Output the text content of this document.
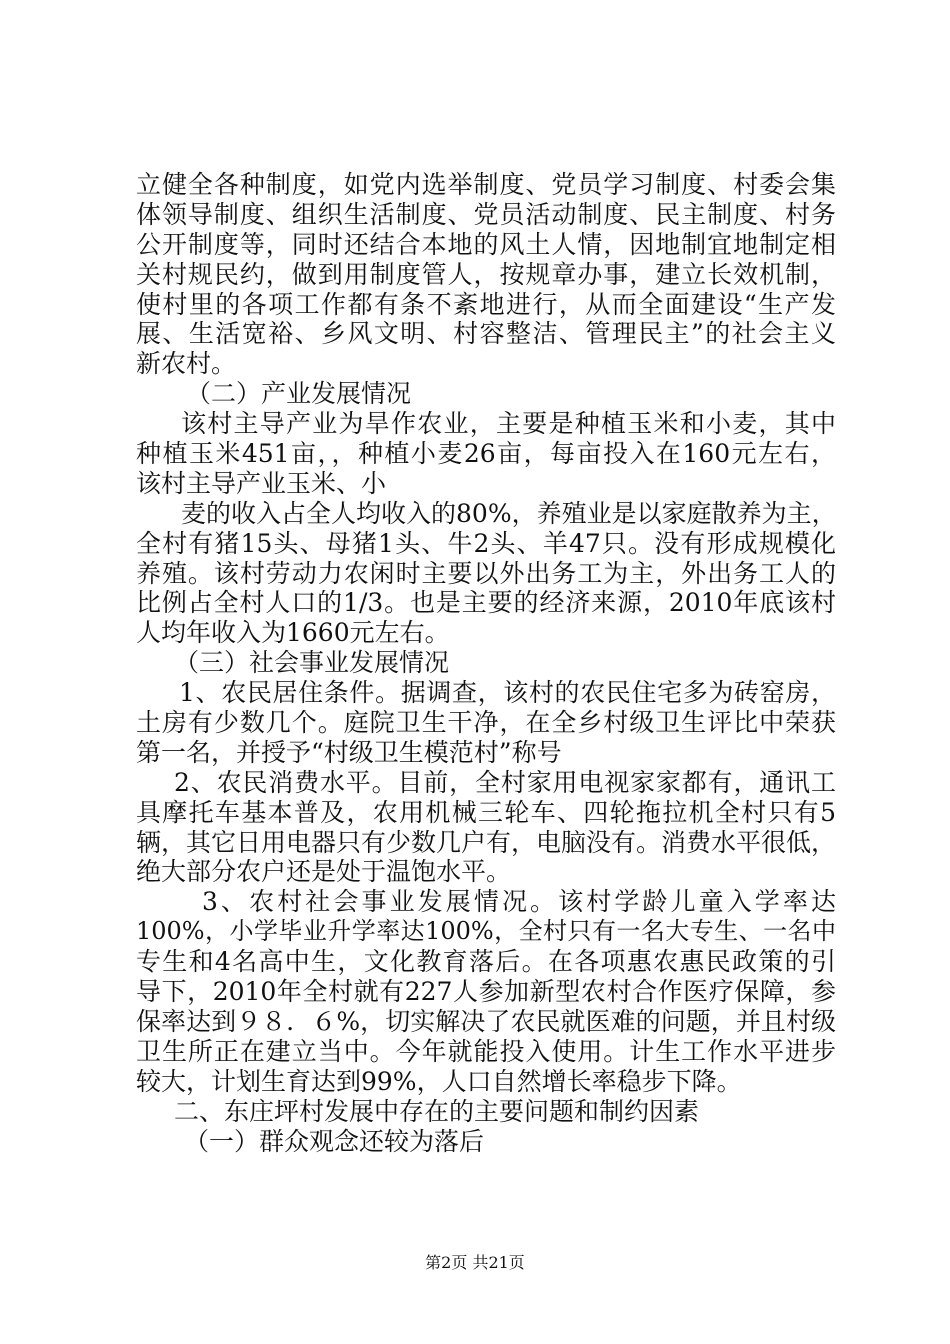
立健全各种制度，如党内选举制度、党员学习制度、村委会集
体领导制度、组织生活制度、党员活动制度、民主制度、村务
公开制度等，同时还结合本地的风土人情，因地制宜地制定相
关村规民约，做到用制度管人，按规章办事，建立长效机制，
使村里的各项工作都有条不紊地进行，从而全面建设“生产发
展、生活宽裕、乡风文明、村容整洁、管理民主”的社会主义
新农村。
（二）产业发展情况
该村主导产业为旱作农业，主要是种植玉米和小麦，其中
种植玉米451亩，，种植小麦26亩，每亩投入在160元左右，
该村主导产业玉米、小
麦的收入占全人均收入的80%，养殖业是以家庭散养为主，
全村有猪15头、母猪1头、牛2头、羊47只。没有形成规模化
养殖。该村劳动力农闲时主要以外出务工为主，外出务工人的
比例占全村人口的1/3。也是主要的经济来源，2010年底该村
人均年收入为1660元左右。
（三）社会事业发展情况
1、农民居住条件。据调查，该村的农民住宅多为砖窑房，
土房有少数几个。庭院卫生干净，在全乡村级卫生评比中荣获
第一名，并授予“村级卫生模范村”称号
2、农民消费水平。目前，全村家用电视家家都有，通讯工
具摩托车基本普及，农用机械三轮车、四轮拖拉机全村只有5
辆，其它日用电器只有少数几户有，电脑没有。消费水平很低，
绝大部分农户还是处于温饱水平。
3、农村社会事业发展情况。该村学龄儿童入学率达
100%，小学毕业升学率达100%，全村只有一名大专生、一名中
专生和4名高中生，文化教育落后。在各项惠农惠民政策的引
导下，2010年全村就有227人参加新型农村合作医疗保障，参
保率达到９８．６%，切实解决了农民就医难的问题，并且村级
卫生所正在建立当中。今年就能投入使用。计生工作水平进步
较大，计划生育达到99%，人口自然增长率稳步下降。
二、东庄坪村发展中存在的主要问题和制约因素
（一）群众观念还较为落后
第2页 共21页
